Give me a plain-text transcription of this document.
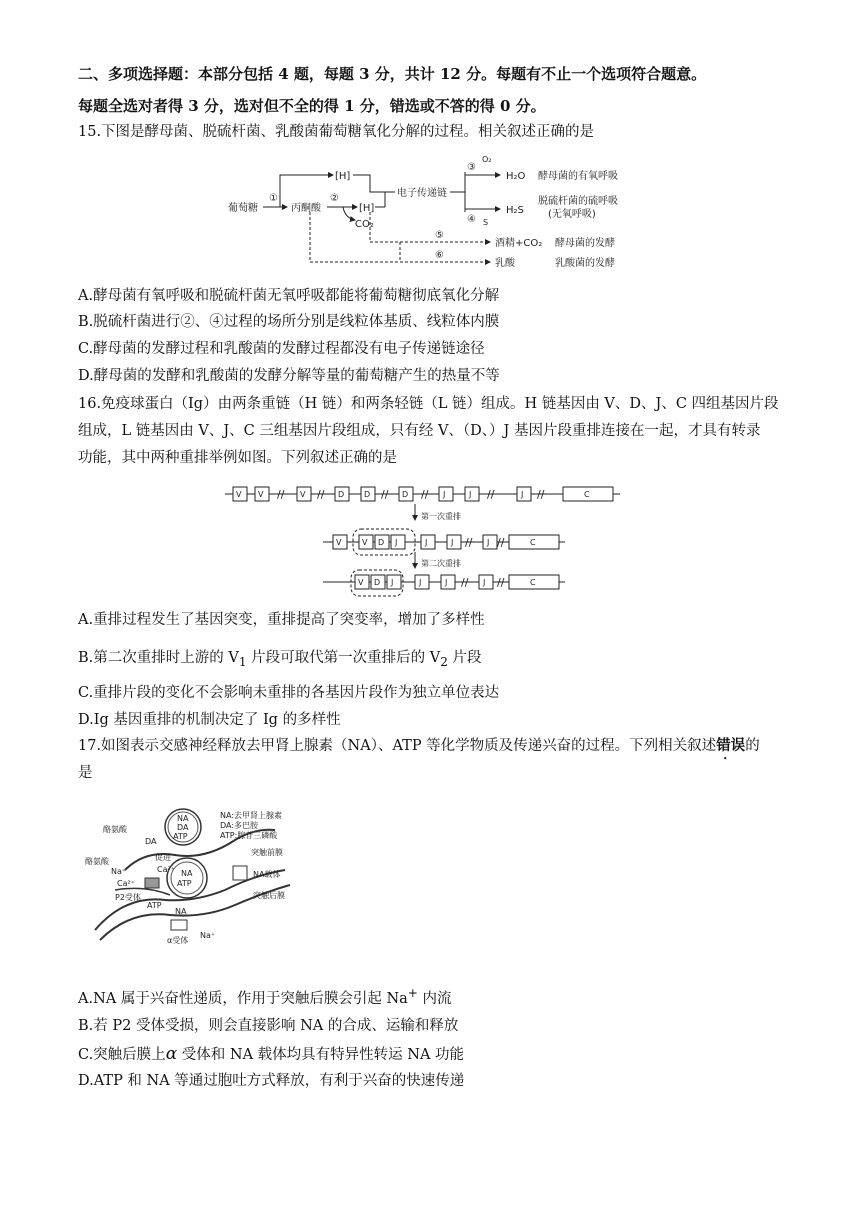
二、多项选择题：本部分包括 4 题，每题 3 分，共计 12 分。每题有不止一个选项符合题意。
每题全选对者得 3 分，选对但不全的得 1 分，错选或不答的得 0 分。
15.下图是酵母菌、脱硫杆菌、乳酸菌葡萄糖氧化分解的过程。相关叙述正确的是
葡萄糖
①
丙酮酸
[H]
②
[H]
CO₂
电子传递链
③
O₂
④ S
H₂O
H₂S
酵母菌的有氧呼吸
脱硫杆菌的硫呼吸
(无氧呼吸)
⑤
⑥
酒精+CO₂ 酵母菌的发酵
乳酸	乳酸菌的发酵
A.酵母菌有氧呼吸和脱硫杆菌无氧呼吸都能将葡萄糖彻底氧化分解
B.脱硫杆菌进行②、④过程的场所分别是线粒体基质、线粒体内膜
C.酵母菌的发酵过程和乳酸菌的发酵过程都没有电子传递链途径
D.酵母菌的发酵和乳酸菌的发酵分解等量的葡萄糖产生的热量不等
16.免疫球蛋白（Ig）由两条重链（H 链）和两条轻链（L 链）组成。H 链基因由 V、D、J、C 四组基因片段
组成，L 链基因由 V、J、C 三组基因片段组成，只有经 V、（D、）J 基因片段重排连接在一起，才具有转录
功能，其中两种重排举例如图。下列叙述正确的是
V V	V	D D	D	J	J	J	C
//	//	//	//	//	//
第一次重排
V	V D J	J	J	J	C
// //
第二次重排
V D J	J	J	J	C
//	//
A.重排过程发生了基因突变，重排提高了突变率，增加了多样性
B.第二次重排时上游的 $V_1$ 片段可取代第一次重排后的 $V_2$ 片段
C.重排片段的变化不会影响未重排的各基因片段作为独立单位表达
D.Ig 基因重排的机制决定了 Ig 的多样性
17.如图表示交感神经释放去甲肾上腺素（NA）、ATP 等化学物质及传递兴奋的过程。下列相关叙述错误 ・的
是
NA
DA
ATP
NA
ATP
NA:去甲肾上腺素
DA:多巴胺
ATP:腺苷三磷酸
酪氨酸
DA
酪氨酸
Na⁺
促进
Ca²⁺
Ca²⁺
P2受体
ATP
NA
突触前膜
NA载体
突触后膜
α受体
Na⁺
A.NA 属于兴奋性递质，作用于突触后膜会引起 Na+ 内流
B.若 P2 受体受损，则会直接影响 NA 的合成、运输和释放
C.突触后膜上α 受体和 NA 载体均具有特异性转运 NA 功能
D.ATP 和 NA 等通过胞吐方式释放，有利于兴奋的快速传递
